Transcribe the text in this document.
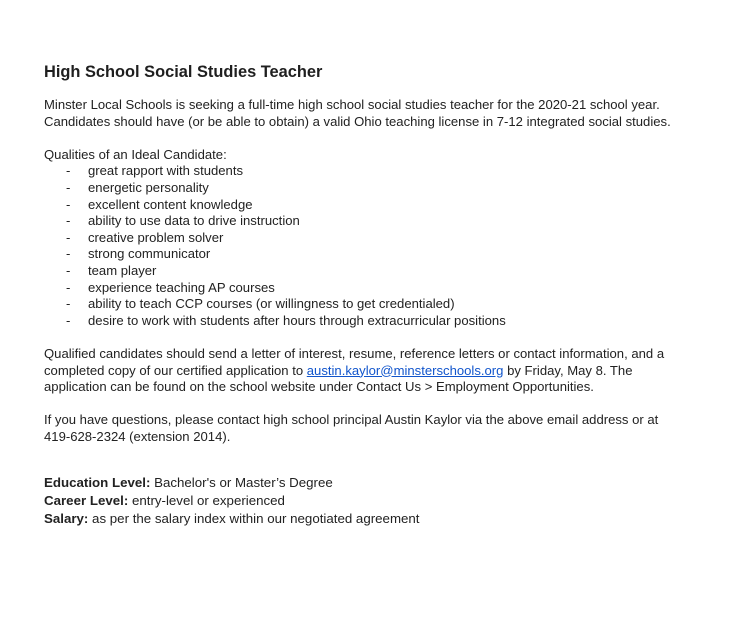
High School Social Studies Teacher

Minster Local Schools is seeking a full-time high school social studies teacher for the 2020-21 school year.

Candidates should have (or be able to obtain) a valid Ohio teaching license in 7-12 integrated social studies.

Qualities of an Ideal Candidate:

- great rapport with students
- energetic personality
- excellent content knowledge
- ability to use data to drive instruction
- creative problem solver
- strong communicator
- team player
- experience teaching AP courses
- ability to teach CCP courses (or willingness to get credentialed)
- desire to work with students after hours through extracurricular positions

Qualified candidates should send a letter of interest, resume, reference letters or contact information, and a

completed copy of our certified application to austin.kaylor@minsterschools.org by Friday, May 8. The

application can be found on the school website under Contact Us > Employment Opportunities.

If you have questions, please contact high school principal Austin Kaylor via the above email address or at

419-628-2324 (extension 2014).

Education Level: Bachelor's or Master’s Degree
Career Level: entry-level or experienced
Salary: as per the salary index within our negotiated agreement
